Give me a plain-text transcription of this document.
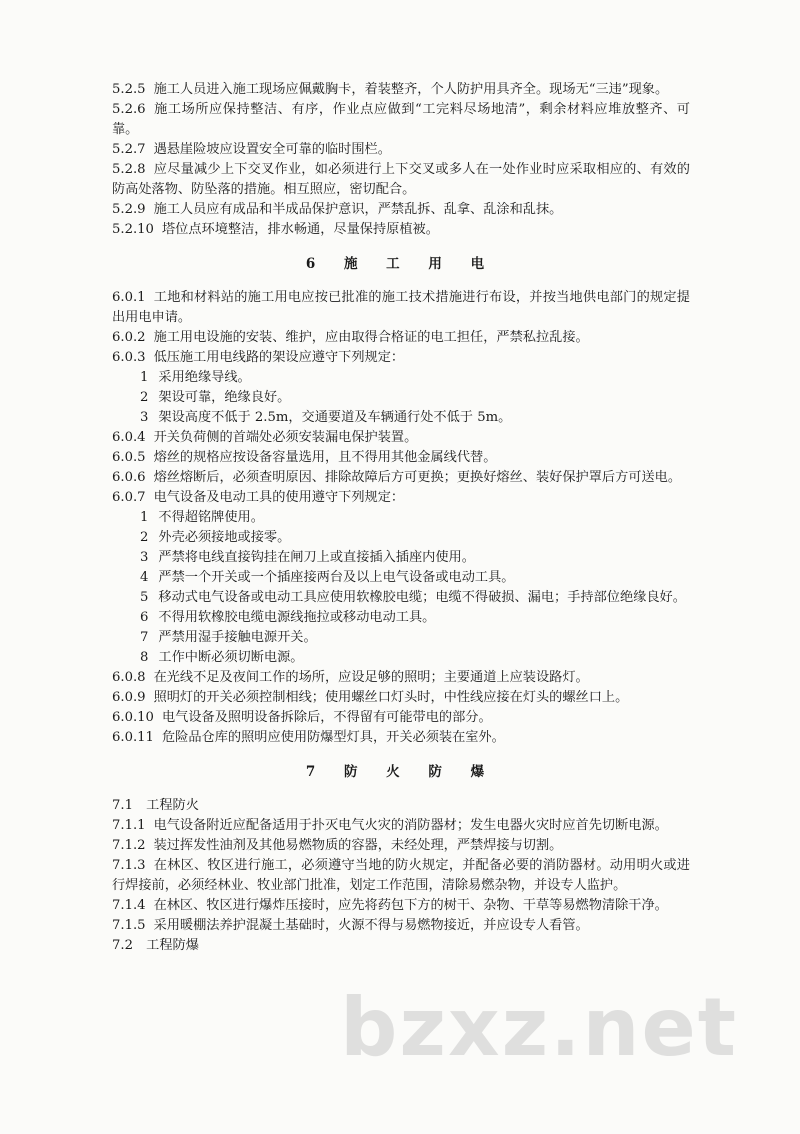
5.2.5 施工人员进入施工现场应佩戴胸卡，着装整齐，个人防护用具齐全。现场无“三违”现象。

5.2.6 施工场所应保持整洁、有序，作业点应做到“工完料尽场地清”，剩余材料应堆放整齐、可靠。

5.2.7 遇悬崖险坡应设置安全可靠的临时围栏。

5.2.8 应尽量减少上下交叉作业，如必须进行上下交叉或多人在一处作业时应采取相应的、有效的防高处落物、防坠落的措施。相互照应，密切配合。

5.2.9 施工人员应有成品和半成品保护意识，严禁乱拆、乱拿、乱涂和乱抹。

5.2.10 塔位点环境整洁，排水畅通，尽量保持原植被。

6 施 工 用 电

6.0.1 工地和材料站的施工用电应按已批准的施工技术措施进行布设，并按当地供电部门的规定提出用电申请。

6.0.2 施工用电设施的安装、维护，应由取得合格证的电工担任，严禁私拉乱接。

6.0.3 低压施工用电线路的架设应遵守下列规定：

1 采用绝缘导线。

2 架设可靠，绝缘良好。

3 架设高度不低于 2.5m，交通要道及车辆通行处不低于 5m。

6.0.4 开关负荷侧的首端处必须安装漏电保护装置。

6.0.5 熔丝的规格应按设备容量选用，且不得用其他金属线代替。

6.0.6 熔丝熔断后，必须查明原因、排除故障后方可更换；更换好熔丝、装好保护罩后方可送电。

6.0.7 电气设备及电动工具的使用遵守下列规定：

1 不得超铭牌使用。

2 外壳必须接地或接零。

3 严禁将电线直接钩挂在闸刀上或直接插入插座内使用。

4 严禁一个开关或一个插座接两台及以上电气设备或电动工具。

5 移动式电气设备或电动工具应使用软橡胶电缆；电缆不得破损、漏电；手持部位绝缘良好。

6 不得用软橡胶电缆电源线拖拉或移动电动工具。

7 严禁用湿手接触电源开关。

8 工作中断必须切断电源。

6.0.8 在光线不足及夜间工作的场所，应设足够的照明；主要通道上应装设路灯。

6.0.9 照明灯的开关必须控制相线；使用螺丝口灯头时，中性线应接在灯头的螺丝口上。

6.0.10 电气设备及照明设备拆除后，不得留有可能带电的部分。

6.0.11 危险品仓库的照明应使用防爆型灯具，开关必须装在室外。

7 防 火 防 爆

7.1　工程防火

7.1.1 电气设备附近应配备适用于扑灭电气火灾的消防器材；发生电器火灾时应首先切断电源。

7.1.2 装过挥发性油剂及其他易燃物质的容器，未经处理，严禁焊接与切割。

7.1.3 在林区、牧区进行施工，必须遵守当地的防火规定，并配备必要的消防器材。动用明火或进行焊接前，必须经林业、牧业部门批准，划定工作范围，清除易燃杂物，并设专人监护。

7.1.4 在林区、牧区进行爆炸压接时，应先将药包下方的树干、杂物、干草等易燃物清除干净。

7.1.5 采用暖棚法养护混凝土基础时，火源不得与易燃物接近，并应设专人看管。

7.2　工程防爆

bzxz.net
